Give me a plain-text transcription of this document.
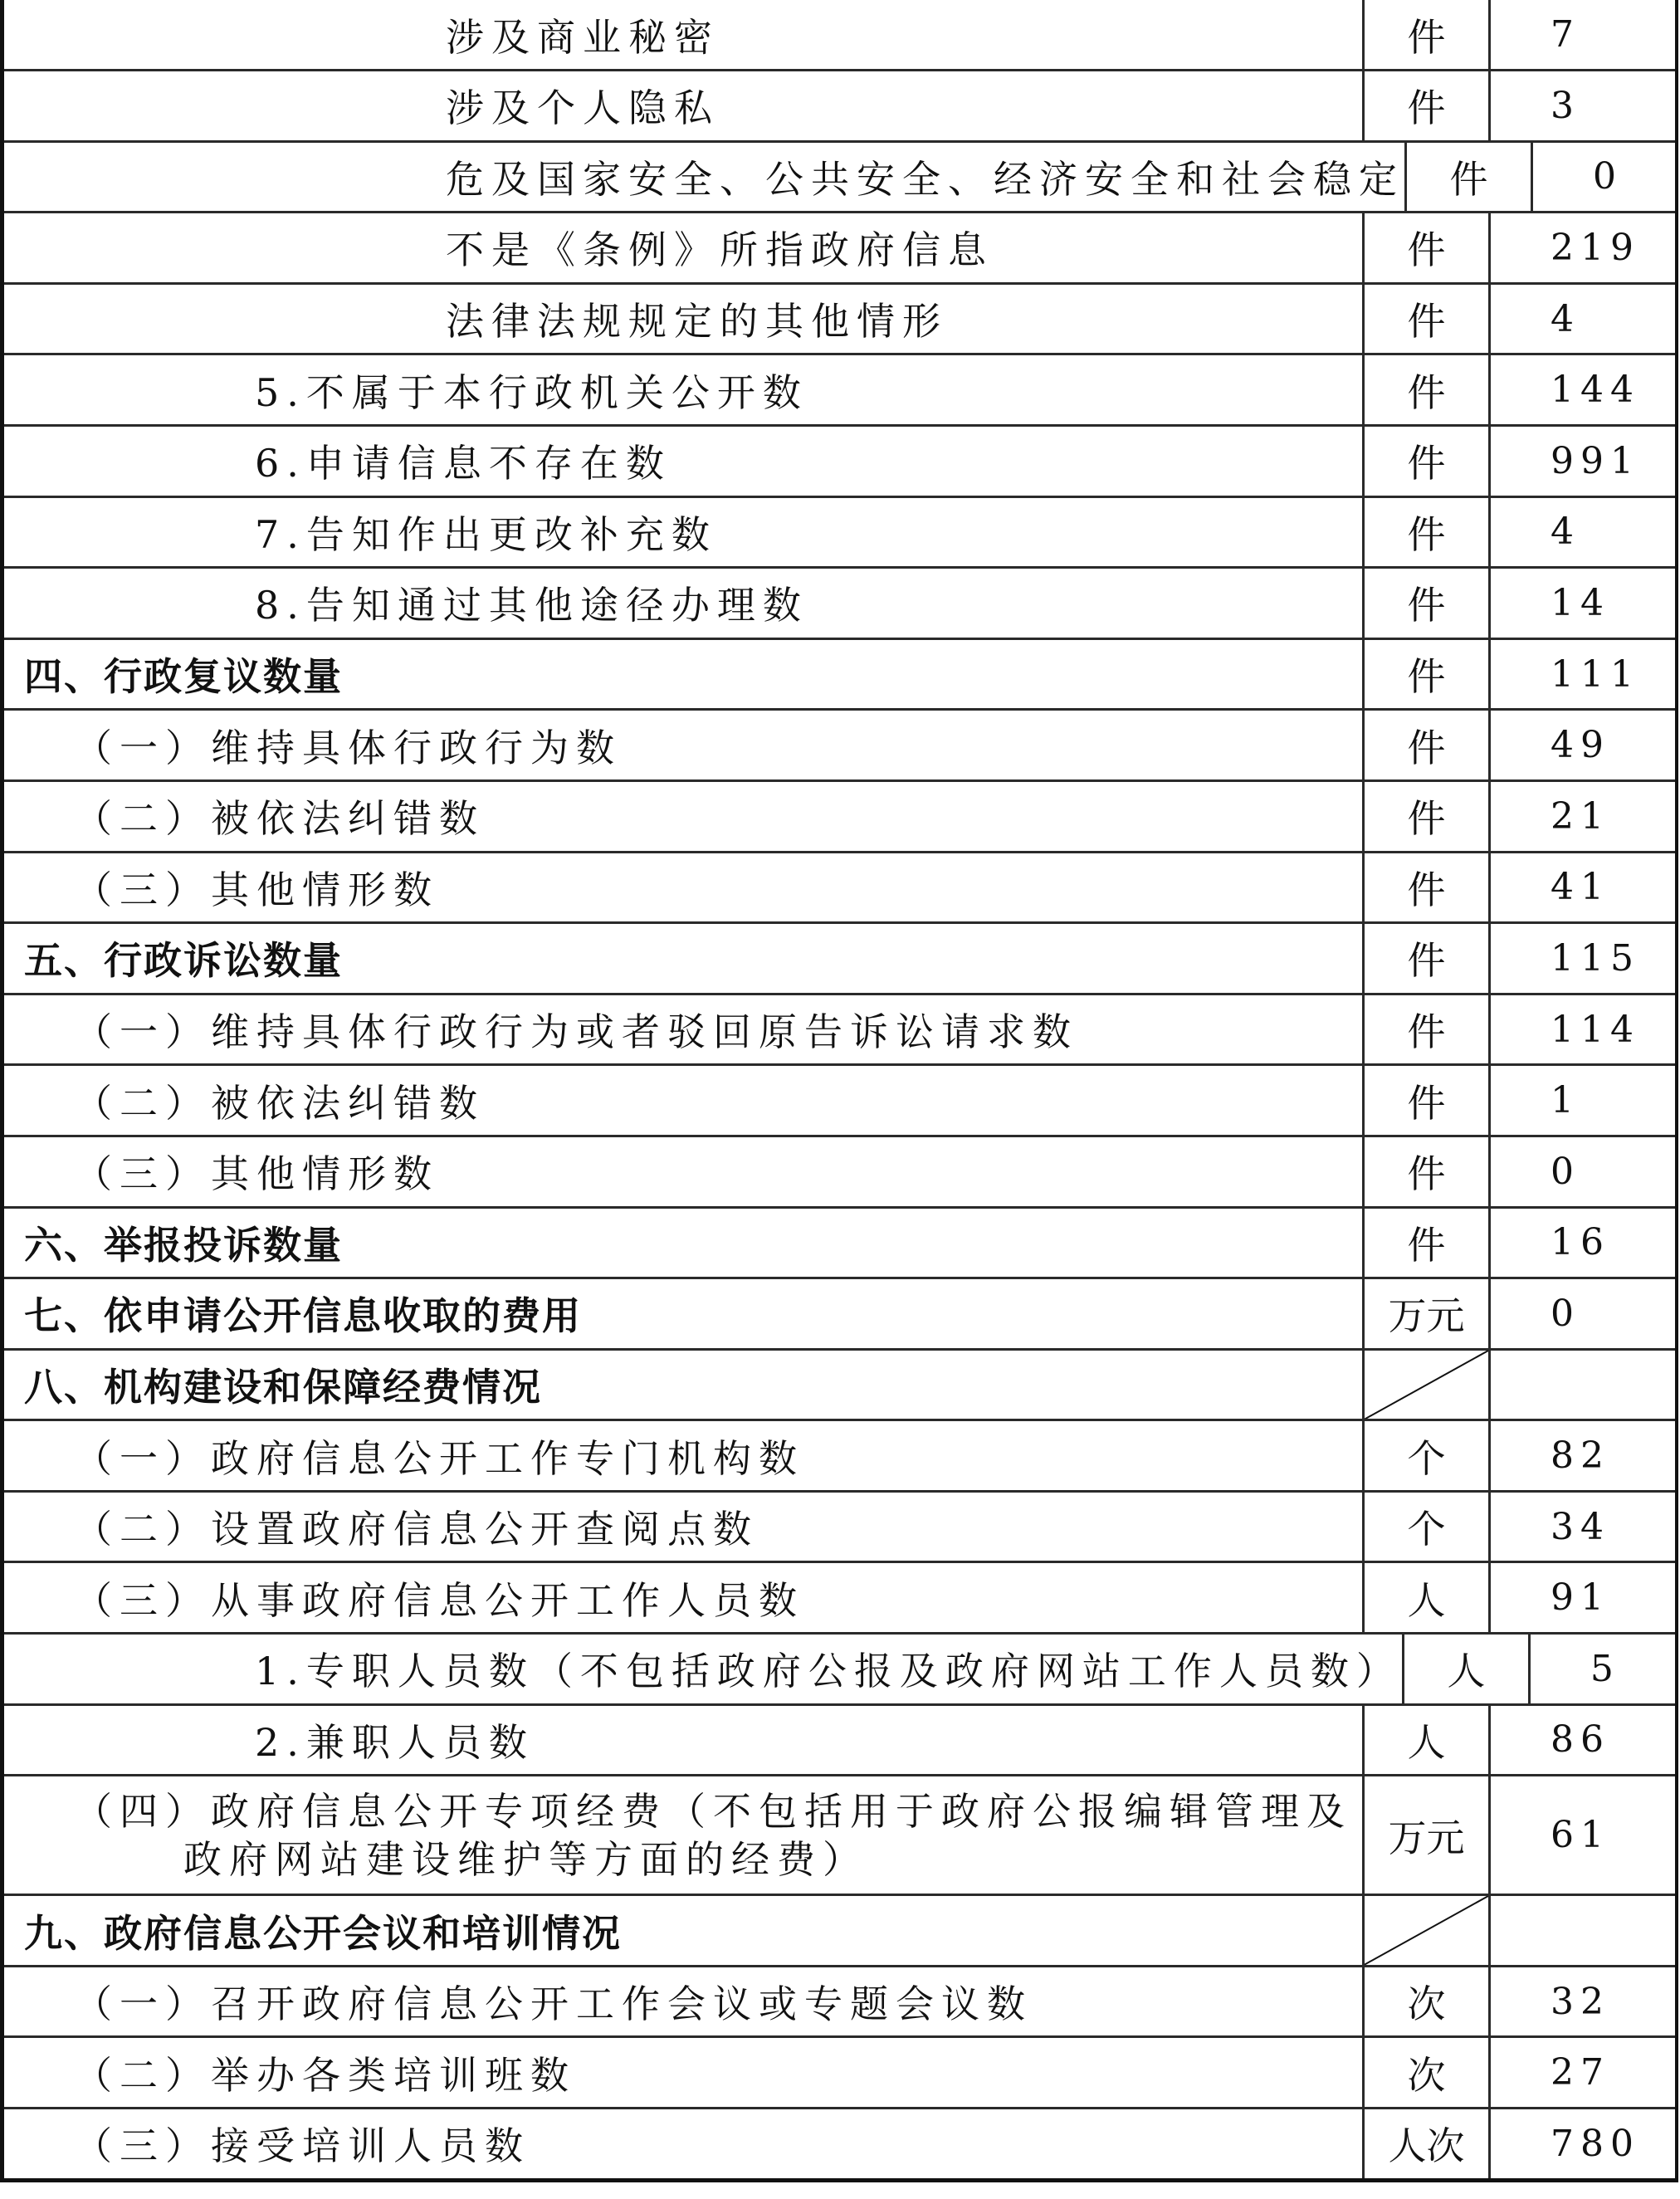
涉及商业秘密	件	7
涉及个人隐私	件	3
危及国家安全、公共安全、经济安全和社会稳定	件	0
不是《条例》所指政府信息	件	219
法律法规规定的其他情形	件	4
5.不属于本行政机关公开数	件	144
6.申请信息不存在数	件	991
7.告知作出更改补充数	件	4
8.告知通过其他途径办理数	件	14
四、行政复议数量	件	111
（一）维持具体行政行为数	件	49
（二）被依法纠错数	件	21
（三）其他情形数	件	41
五、行政诉讼数量	件	115
（一）维持具体行政行为或者驳回原告诉讼请求数	件	114
（二）被依法纠错数	件	1
（三）其他情形数	件	0
六、举报投诉数量	件	16
七、依申请公开信息收取的费用	万元	0
八、机构建设和保障经费情况
（一）政府信息公开工作专门机构数	个	82
（二）设置政府信息公开查阅点数	个	34
（三）从事政府信息公开工作人员数	人	91
1.专职人员数（不包括政府公报及政府网站工作人员数）	人	5
2.兼职人员数	人	86
（四）政府信息公开专项经费（不包括用于政府公报编辑管理及政府网站建设维护等方面的经费）	万元	61
九、政府信息公开会议和培训情况
（一）召开政府信息公开工作会议或专题会议数	次	32
（二）举办各类培训班数	次	27
（三）接受培训人员数	人次	780
